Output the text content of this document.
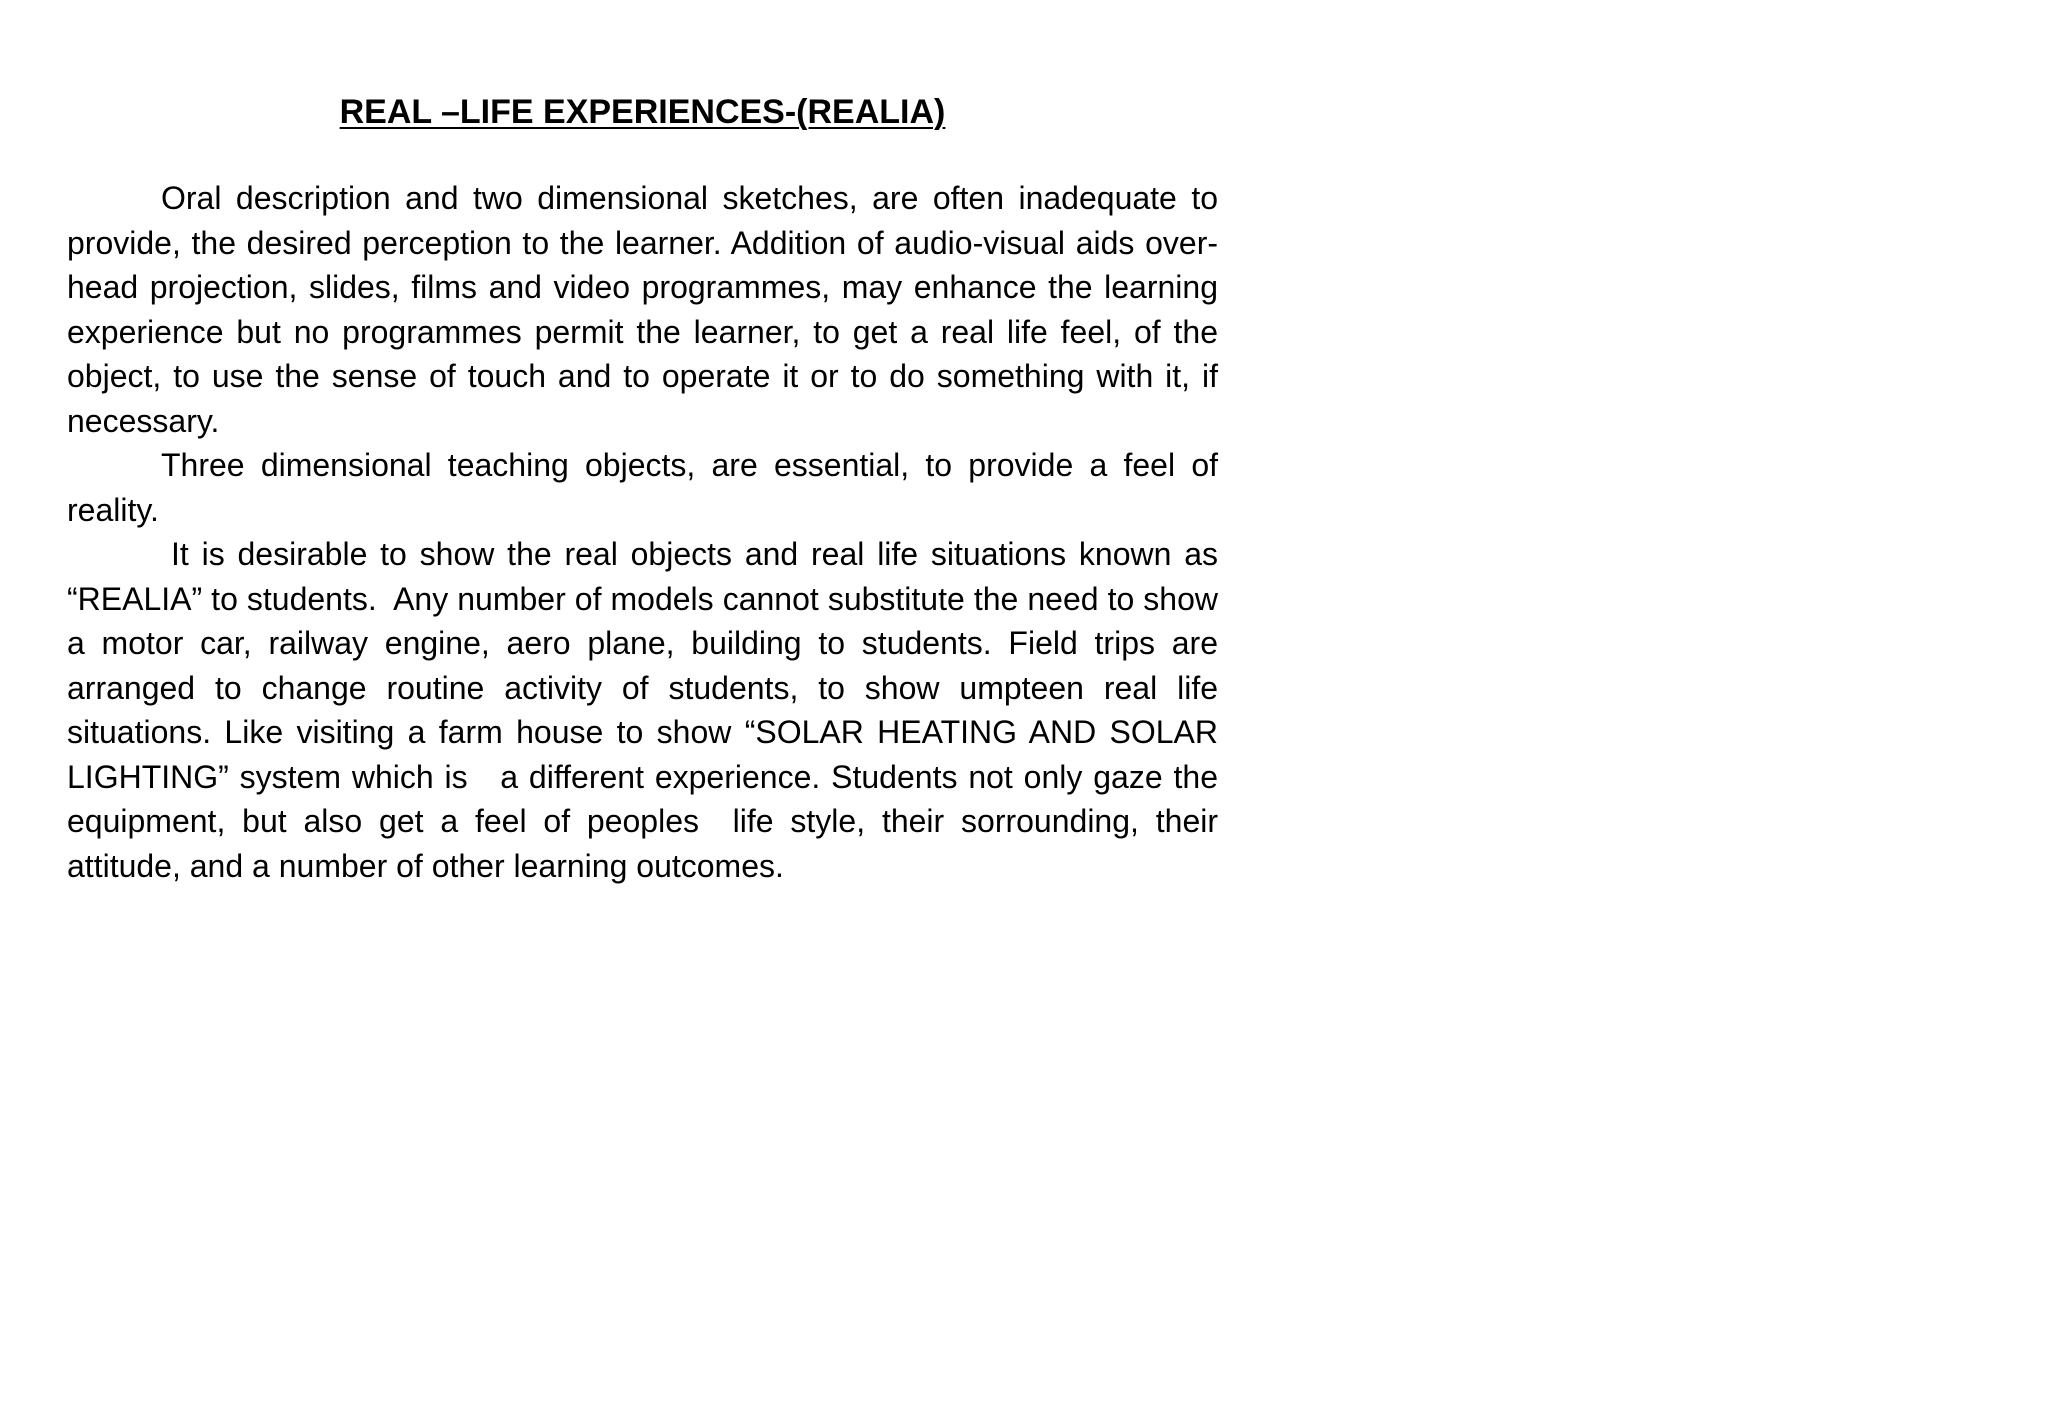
REAL –LIFE EXPERIENCES-(REALIA)

Oral description and two dimensional sketches, are often inadequate to provide, the desired perception to the learner. Addition of audio-visual aids over-head projection, slides, films and video programmes, may enhance the learning experience but no programmes permit the learner, to get a real life feel, of the object, to use the sense of touch and to operate it or to do something with it, if necessary.

Three dimensional teaching objects, are essential, to provide a feel of reality.

It is desirable to show the real objects and real life situations known as “REALIA” to students.  Any number of models cannot substitute the need to show a motor car, railway engine, aero plane, building to students. Field trips are arranged to change routine activity of students, to show umpteen real life situations. Like visiting a farm house to show “SOLAR HEATING AND SOLAR LIGHTING” system which is   a different experience. Students not only gaze the equipment, but also get a feel of peoples  life style, their sorrounding, their attitude, and a number of other learning outcomes.
